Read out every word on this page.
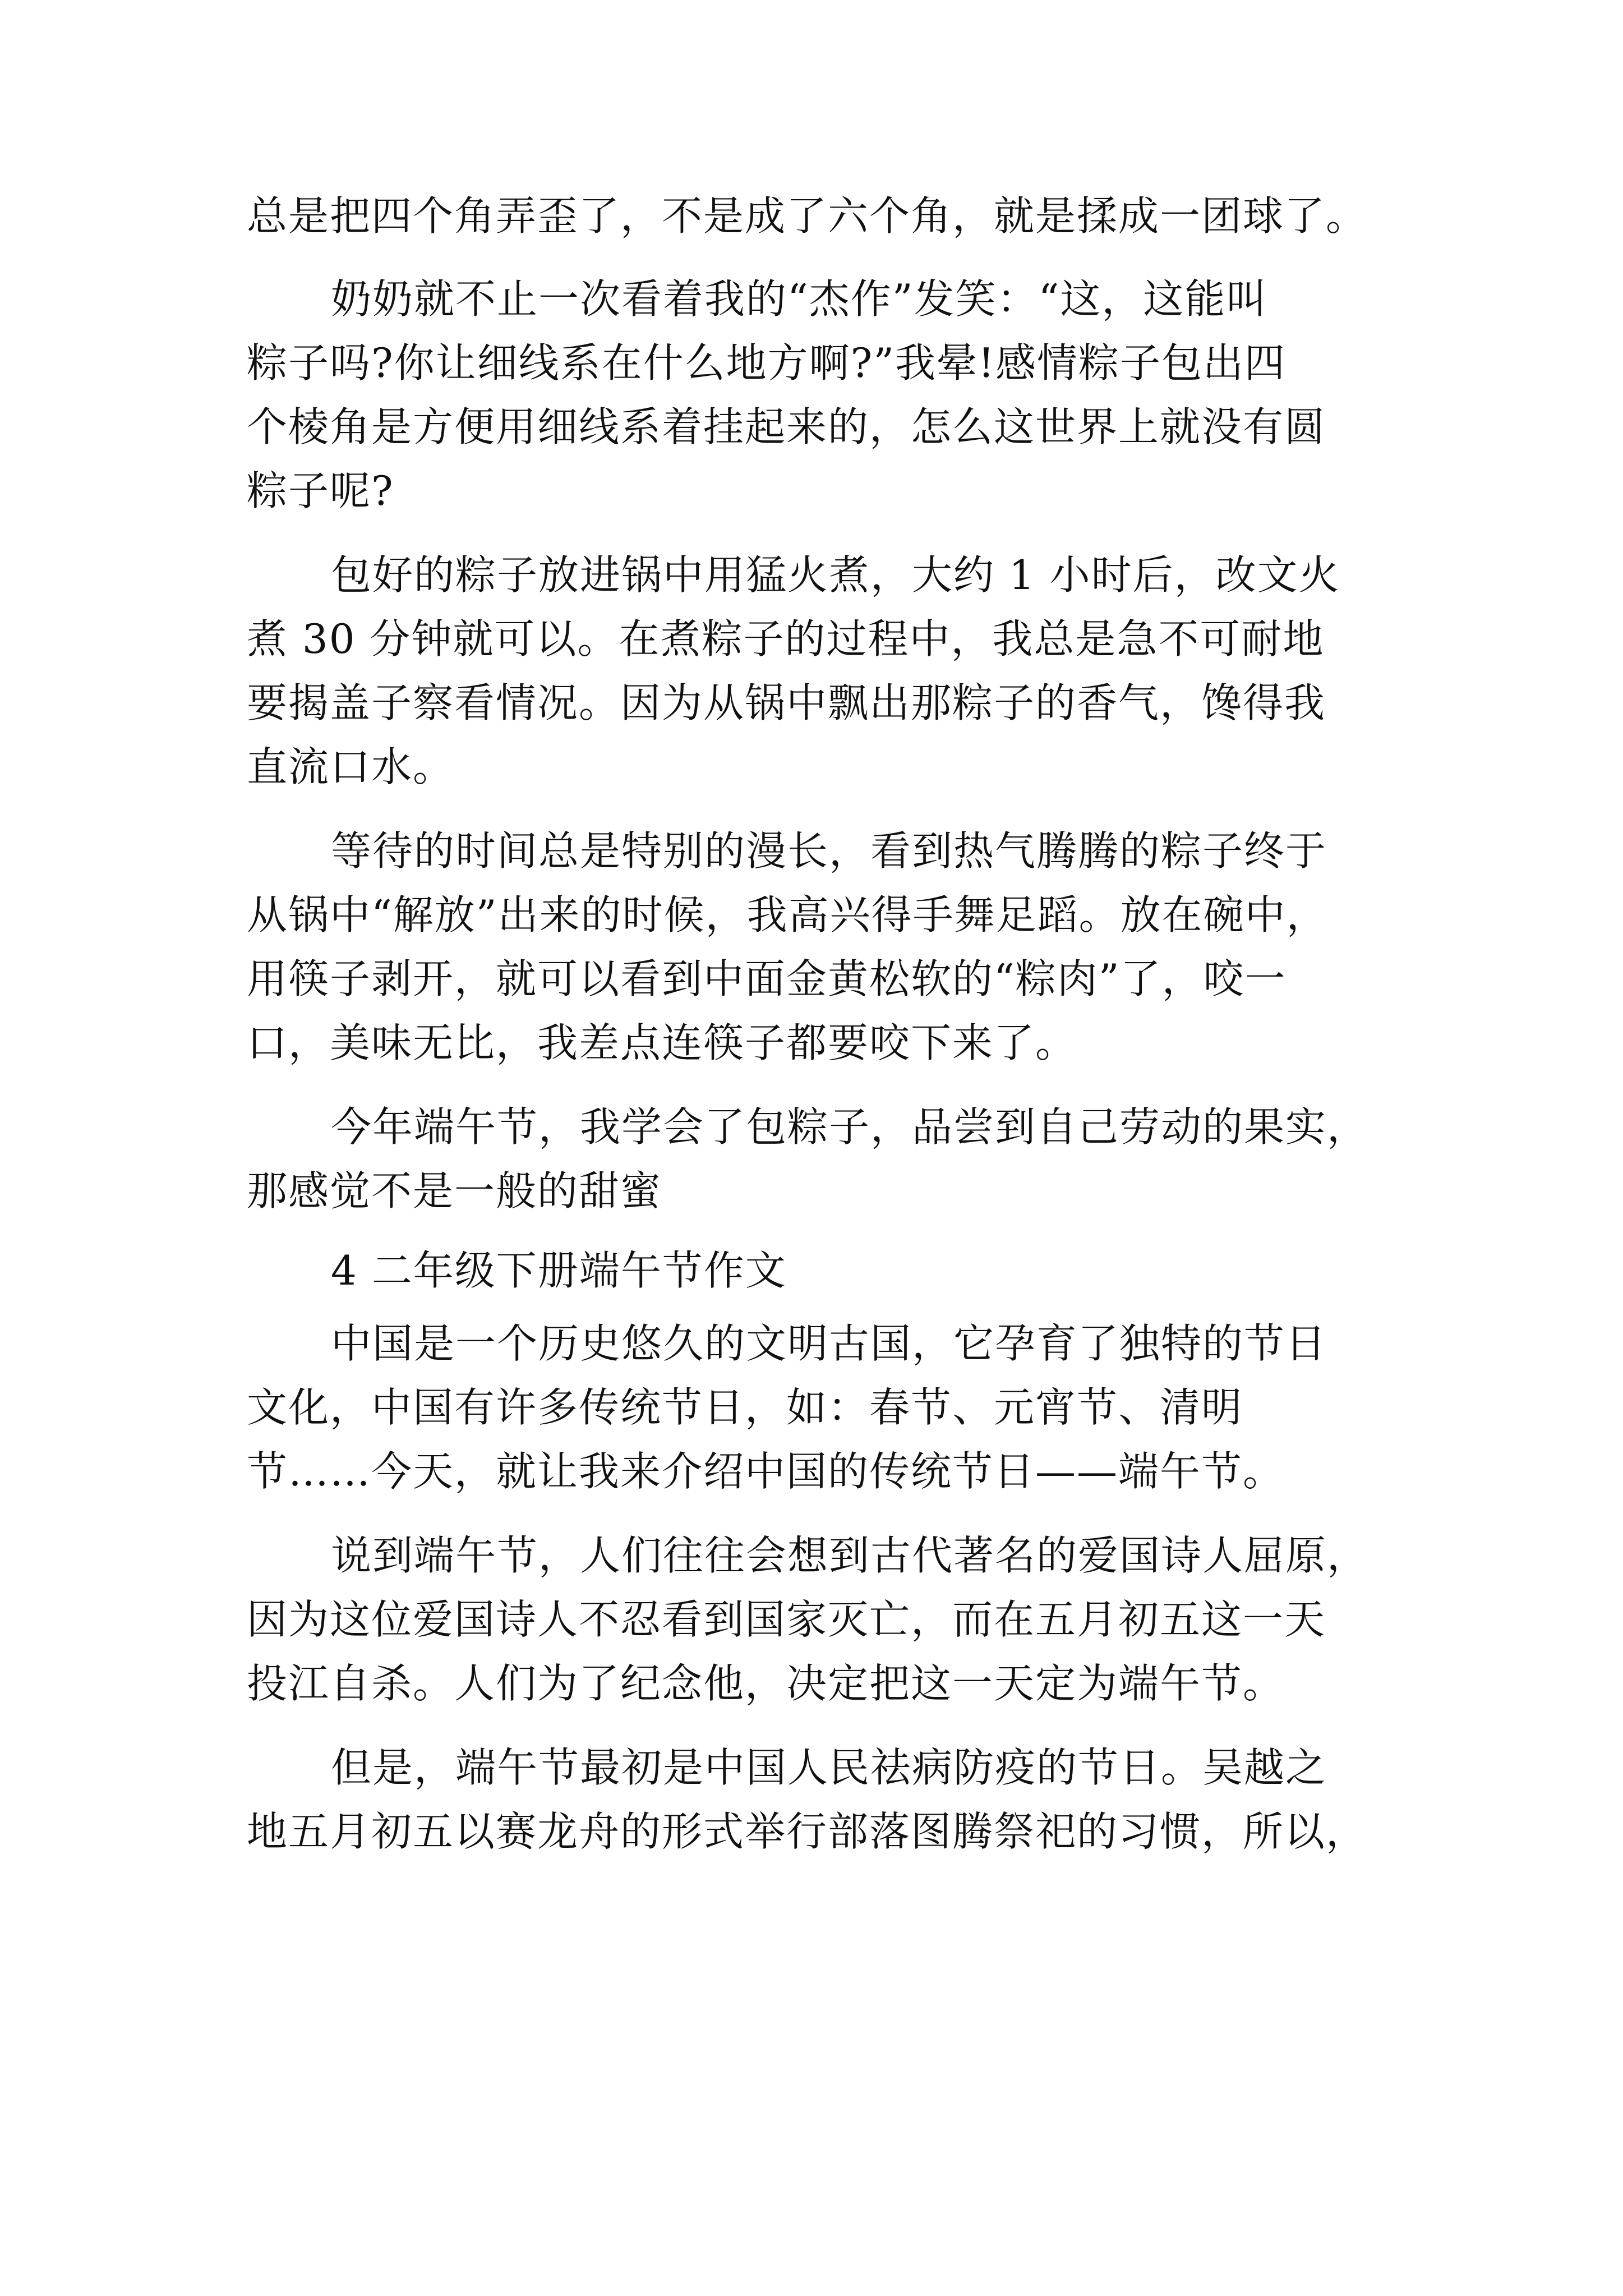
总是把四个角弄歪了，不是成了六个角，就是揉成一团球了。
奶奶就不止一次看着我的“杰作”发笑：“这，这能叫
粽子吗?你让细线系在什么地方啊?”我晕!感情粽子包出四
个棱角是方便用细线系着挂起来的，怎么这世界上就没有圆
粽子呢?
包好的粽子放进锅中用猛火煮，大约 1 小时后，改文火
煮 30 分钟就可以。在煮粽子的过程中，我总是急不可耐地
要揭盖子察看情况。因为从锅中飘出那粽子的香气，馋得我
直流口水。
等待的时间总是特别的漫长，看到热气腾腾的粽子终于
从锅中“解放”出来的时候，我高兴得手舞足蹈。放在碗中，
用筷子剥开，就可以看到中面金黄松软的“粽肉”了，咬一
口，美味无比，我差点连筷子都要咬下来了。
今年端午节，我学会了包粽子，品尝到自己劳动的果实，
那感觉不是一般的甜蜜
4 二年级下册端午节作文
中国是一个历史悠久的文明古国，它孕育了独特的节日
文化，中国有许多传统节日，如：春节、元宵节、清明
节……今天，就让我来介绍中国的传统节日——端午节。
说到端午节，人们往往会想到古代著名的爱国诗人屈原，
因为这位爱国诗人不忍看到国家灭亡，而在五月初五这一天
投江自杀。人们为了纪念他，决定把这一天定为端午节。
但是，端午节最初是中国人民祛病防疫的节日。吴越之
地五月初五以赛龙舟的形式举行部落图腾祭祀的习惯，所以，
